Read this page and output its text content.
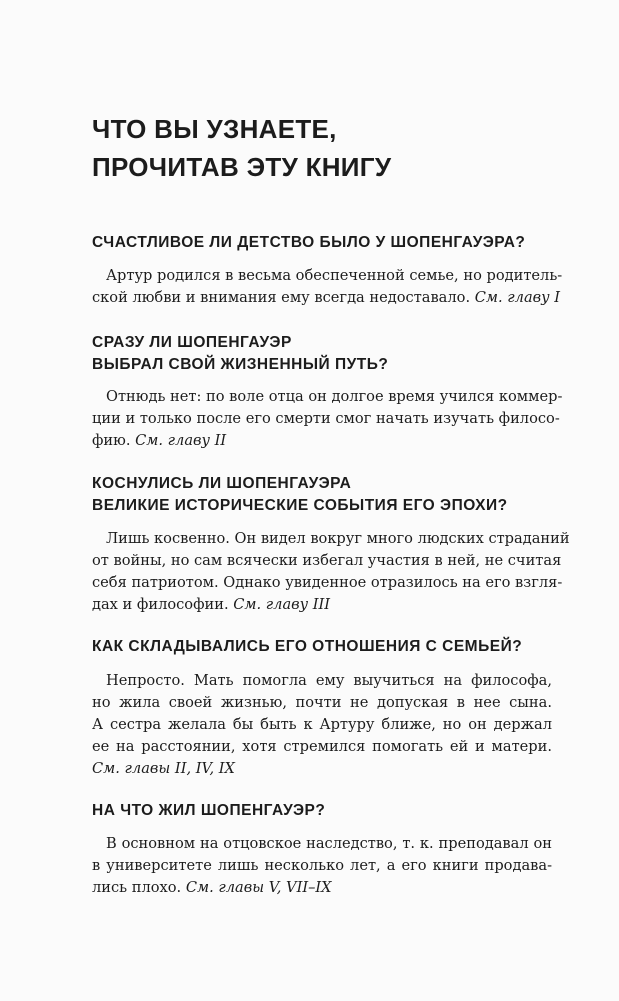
ЧТО ВЫ УЗНАЕТЕ,
ПРОЧИТАВ ЭТУ КНИГУ
СЧАСТЛИВОЕ ЛИ ДЕТСТВО БЫЛО У ШОПЕНГАУЭРА?

Артур родился в весьма обеспеченной семье, но родитель-
ской любви и внимания ему всегда недоставало. См. главу I

СРАЗУ ЛИ ШОПЕНГАУЭР
ВЫБРАЛ СВОЙ ЖИЗНЕННЫЙ ПУТЬ?

Отнюдь нет: по воле отца он долгое время учился коммер-
ции и только после его смерти смог начать изучать филосо-
фию. См. главу II

КОСНУЛИСЬ ЛИ ШОПЕНГАУЭРА
ВЕЛИКИЕ ИСТОРИЧЕСКИЕ СОБЫТИЯ ЕГО ЭПОХИ?

Лишь косвенно. Он видел вокруг много людских страданий
от войны, но сам всячески избегал участия в ней, не считая
себя патриотом. Однако увиденное отразилось на его взгля-
дах и философии. См. главу III

КАК СКЛАДЫВАЛИСЬ ЕГО ОТНОШЕНИЯ С СЕМЬЕЙ?

Непросто. Мать помогла ему выучиться на философа,
но жила своей жизнью, почти не допуская в нее сына.
А сестра желала бы быть к Артуру ближе, но он держал
ее на расстоянии, хотя стремился помогать ей и матери.
См. главы II, IV, IX

НА ЧТО ЖИЛ ШОПЕНГАУЭР?

В основном на отцовское наследство, т. к. преподавал он
в университете лишь несколько лет, а его книги продава-
лись плохо. См. главы V, VII–IX
